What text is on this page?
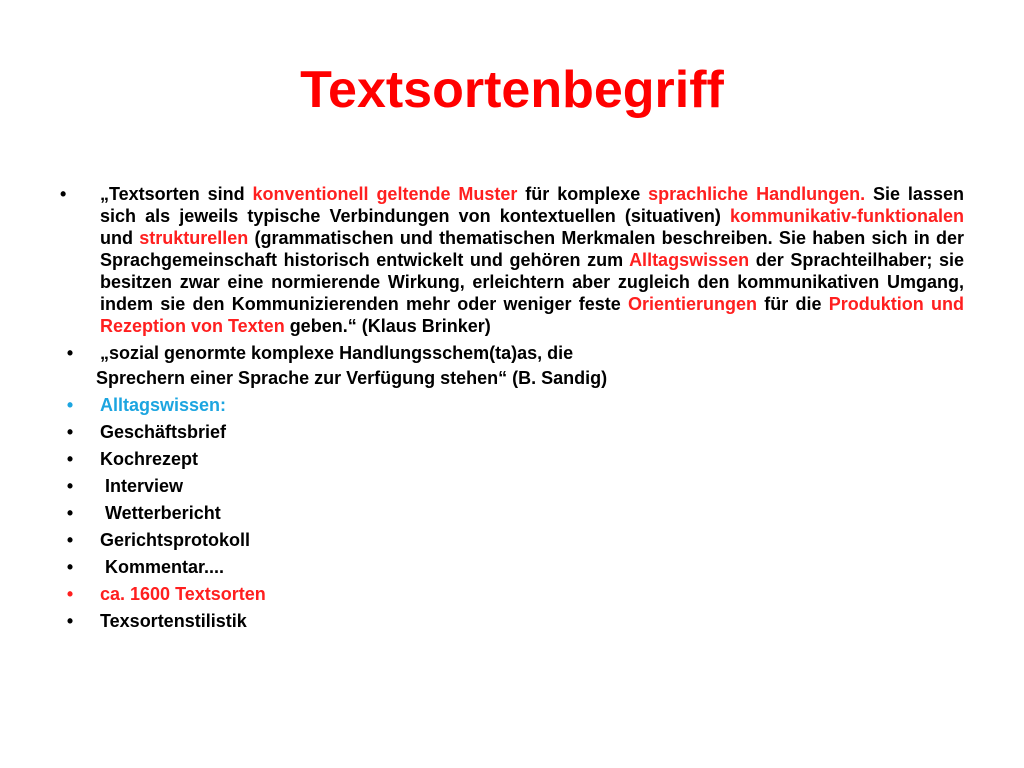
Textsortenbegriff
•	„Textsorten sind konventionell geltende Muster für komplexe sprachliche Handlungen. Sie lassen sich als jeweils typische Verbindungen von kontextuellen (situativen) kommunikativ-funktionalen und strukturellen (grammatischen und thematischen Merkmalen beschreiben. Sie haben sich in der Sprachgemeinschaft historisch entwickelt und gehören zum Alltagswissen der Sprachteilhaber; sie besitzen zwar eine normierende Wirkung, erleichtern aber zugleich den kommunikativen Umgang, indem sie den Kommunizierenden mehr oder weniger feste Orientierungen für die Produktion und Rezeption von Texten geben.“ (Klaus Brinker)
•	„sozial genormte komplexe Handlungsschem(ta)as, die
Sprechern einer Sprache zur Verfügung stehen“ (B. Sandig)
•	Alltagswissen:
•	Geschäftsbrief
•	Kochrezept
•	Interview
•	Wetterbericht
•	Gerichtsprotokoll
•	Kommentar....
•	ca. 1600 Textsorten
•	Texsortenstilistik
